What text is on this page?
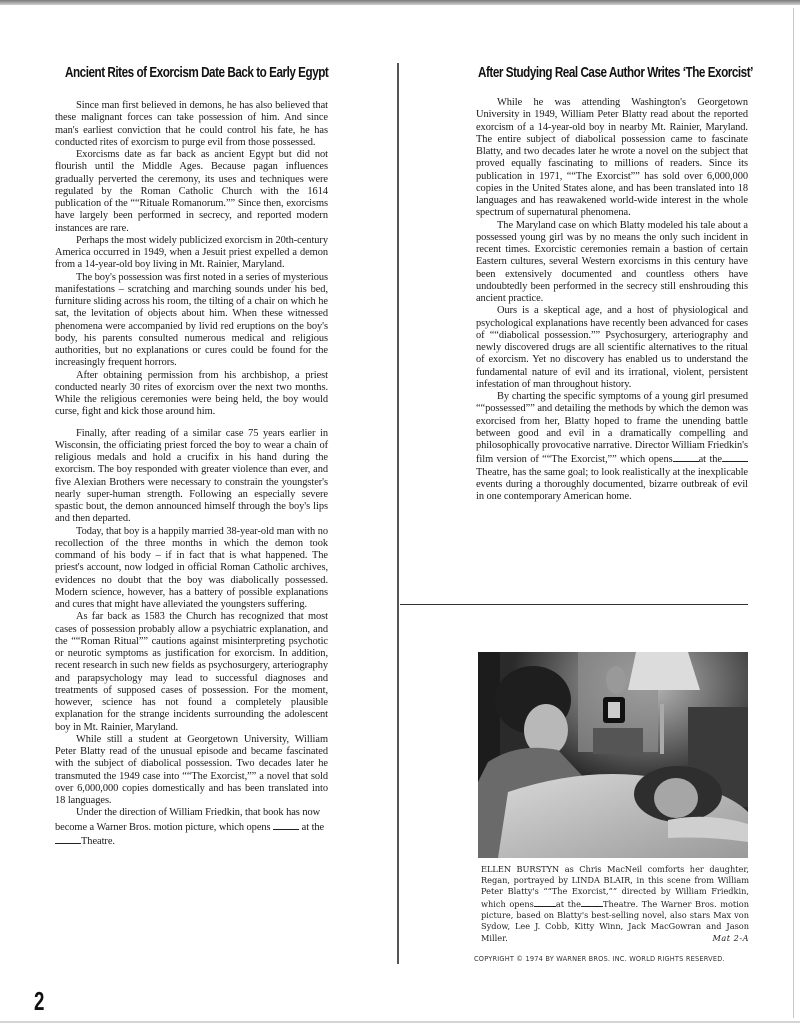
Ancient Rites of Exorcism Date Back to Early Egypt

Since man first believed in demons, he has also believed that these malignant forces can take possession of him. And since man's earliest conviction that he could control his fate, he has conducted rites of exorcism to purge evil from those possessed.

Exorcisms date as far back as ancient Egypt but did not flourish until the Middle Ages. Because pagan influences gradually perverted the ceremony, its uses and techniques were regulated by the Roman Catholic Church with the 1614 publication of the ““Rituale Romanorum.”” Since then, exorcisms have largely been performed in secrecy, and reported modern instances are rare.

Perhaps the most widely publicized exorcism in 20th-century America occurred in 1949, when a Jesuit priest expelled a demon from a 14-year-old boy living in Mt. Rainier, Maryland.

The boy's possession was first noted in a series of mysterious manifestations – scratching and marching sounds under his bed, furniture sliding across his room, the tilting of a chair on which he sat, the levitation of objects about him. When these witnessed phenomena were accompanied by livid red eruptions on the boy's body, his parents consulted numerous medical and religious authorities, but no explanations or cures could be found for the increasingly frequent horrors.

After obtaining permission from his archbishop, a priest conducted nearly 30 rites of exorcism over the next two months. While the religious ceremonies were being held, the boy would curse, fight and kick those around him.

Finally, after reading of a similar case 75 years earlier in Wisconsin, the officiating priest forced the boy to wear a chain of religious medals and hold a crucifix in his hand during the exorcism. The boy responded with greater violence than ever, and five Alexian Brothers were necessary to constrain the youngster's nearly super-human strength. Following an especially severe spastic bout, the demon announced himself through the boy's lips and then departed.

Today, that boy is a happily married 38-year-old man with no recollection of the three months in which the demon took command of his body – if in fact that is what happened. The priest's account, now lodged in official Roman Catholic archives, evidences no doubt that the boy was diabolically possessed. Modern science, however, has a battery of possible explanations and cures that might have alleviated the youngsters suffering.

As far back as 1583 the Church has recognized that most cases of possession probably allow a psychiatric explanation, and the ““Roman Ritual”” cautions against misinterpreting psychotic or neurotic symptoms as justification for exorcism. In addition, recent research in such new fields as psychosurgery, arteriography and parapsychology may lead to successful diagnoses and treatments of supposed cases of possession. For the moment, however, science has not found a completely plausible explanation for the strange incidents surrounding the adolescent boy in Mt. Rainier, Maryland.

While still a student at Georgetown University, William Peter Blatty read of the unusual episode and became fascinated with the subject of diabolical possession. Two decades later he transmuted the 1949 case into ““The Exorcist,”” a novel that sold over 6,000,000 copies domestically and has been translated into 18 languages.

Under the direction of William Friedkin, that book has now become a Warner Bros. motion picture, which opens	at the Theatre.

After Studying Real Case Author Writes ‘The Exorcist’

While he was attending Washington's Georgetown University in 1949, William Peter Blatty read about the reported exorcism of a 14-year-old boy in nearby Mt. Rainier, Maryland. The entire subject of diabolical possession came to fascinate Blatty, and two decades later he wrote a novel on the subject that proved equally fascinating to millions of readers. Since its publication in 1971, ““The Exorcist”” has sold over 6,000,000 copies in the United States alone, and has been translated into 18 languages and has reawakened world-wide interest in the whole spectrum of supernatural phenomena.

The Maryland case on which Blatty modeled his tale about a possessed young girl was by no means the only such incident in recent times. Exorcistic ceremonies remain a bastion of certain Eastern cultures, several Western exorcisms in this century have been extensively documented and countless others have undoubtedly been performed in the secrecy still enshrouding this ancient practice.

Ours is a skeptical age, and a host of physiological and psychological explanations have recently been advanced for cases of ““diabolical possession.”” Psychosurgery, arteriography and newly discovered drugs are all scientific alternatives to the ritual of exorcism. Yet no discovery has enabled us to understand the fundamental nature of evil and its irrational, violent, persistent infestation of man throughout history.

By charting the specific symptoms of a young girl presumed ““possessed”” and detailing the methods by which the demon was exorcised from her, Blatty hoped to frame the unending battle between good and evil in a dramatically compelling and philosophically provocative narrative. Director William Friedkin's film version of ““The Exorcist,”” which opens	at the Theatre, has the same goal; to look realistically at the inexplicable events during a thoroughly documented, bizarre outbreak of evil in one contemporary American home.

ELLEN BURSTYN as Chris MacNeil comforts her daughter, Regan, portrayed by LINDA BLAIR, in this scene from William Peter Blatty's ““The Exorcist,”” directed by William Friedkin, which opens	at the	Theatre. The Warner Bros. motion picture, based on Blatty's best-selling novel, also stars Max von Sydow, Lee J. Cobb, Kitty Winn, Jack MacGowran and Jason Miller.	Mat 2-A
COPYRIGHT © 1974 BY WARNER BROS. INC. WORLD RIGHTS RESERVED.
2
